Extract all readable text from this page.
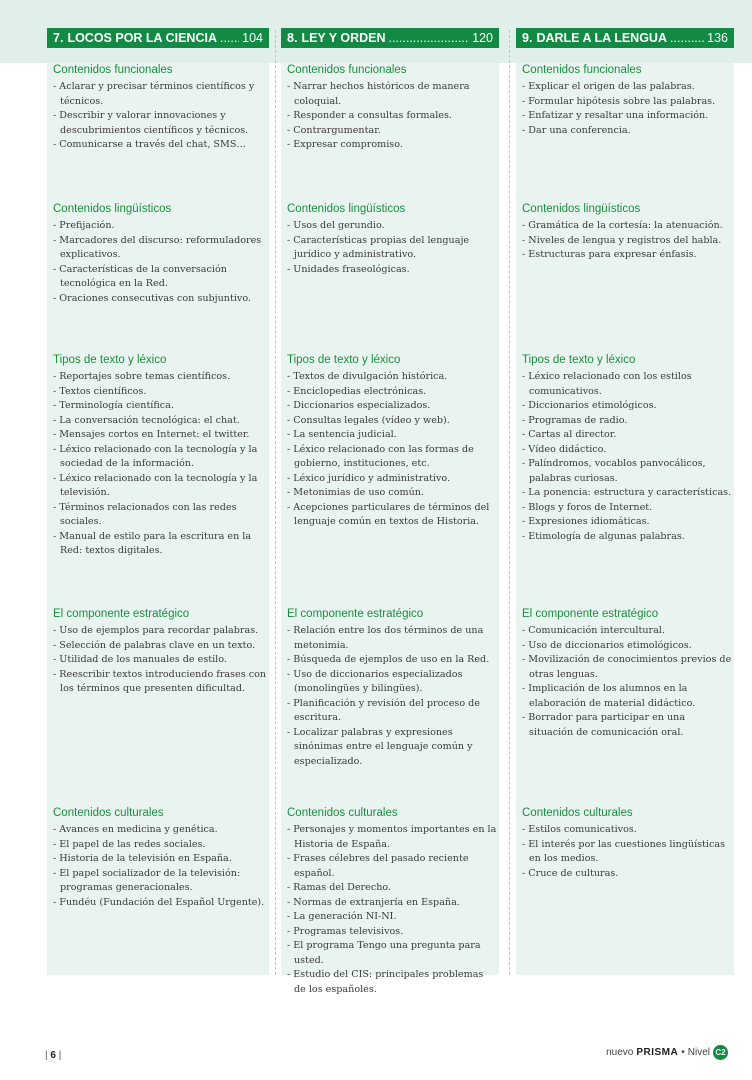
7. LOCOS POR LA CIENCIA ..... 104
Contenidos funcionales
- Aclarar y precisar términos científicos y técnicos.
- Describir y valorar innovaciones y descubrimientos científicos y técnicos.
- Comunicarse a través del chat, SMS…
Contenidos lingüísticos
- Prefijación.
- Marcadores del discurso: reformuladores explicativos.
- Características de la conversación tecnológica en la Red.
- Oraciones consecutivas con subjuntivo.
Tipos de texto y léxico
- Reportajes sobre temas científicos.
- Textos científicos.
- Terminología científica.
- La conversación tecnológica: el chat.
- Mensajes cortos en Internet: el twitter.
- Léxico relacionado con la tecnología y la sociedad de la información.
- Léxico relacionado con la tecnología y la televisión.
- Términos relacionados con las redes sociales.
- Manual de estilo para la escritura en la Red: textos digitales.
El componente estratégico
- Uso de ejemplos para recordar palabras.
- Selección de palabras clave en un texto.
- Utilidad de los manuales de estilo.
- Reescribir textos introduciendo frases con los términos que presenten dificultad.
Contenidos culturales
- Avances en medicina y genética.
- El papel de las redes sociales.
- Historia de la televisión en España.
- El papel socializador de la televisión: programas generacionales.
- Fundéu (Fundación del Español Urgente).
8. LEY Y ORDEN .....	120
Contenidos funcionales
- Narrar hechos históricos de manera coloquial.
- Responder a consultas formales.
- Contrargumentar.
- Expresar compromiso.
Contenidos lingüísticos
- Usos del gerundio.
- Características propias del lenguaje jurídico y administrativo.
- Unidades fraseológicas.
Tipos de texto y léxico
- Textos de divulgación histórica.
- Enciclopedias electrónicas.
- Diccionarios especializados.
- Consultas legales (vídeo y web).
- La sentencia judicial.
- Léxico relacionado con las formas de gobierno, instituciones, etc.
- Léxico jurídico y administrativo.
- Metonimias de uso común.
- Acepciones particulares de términos del lenguaje común en textos de Historia.
El componente estratégico
- Relación entre los dos términos de una metonimia.
- Búsqueda de ejemplos de uso en la Red.
- Uso de diccionarios especializados (monolingües y bilingües).
- Planificación y revisión del proceso de escritura.
- Localizar palabras y expresiones sinónimas entre el lenguaje común y especializado.
Contenidos culturales
- Personajes y momentos importantes en la Historia de España.
- Frases célebres del pasado reciente español.
- Ramas del Derecho.
- Normas de extranjería en España.
- La generación NI-NI.
- Programas televisivos.
- El programa Tengo una pregunta para usted.
- Estudio del CIS: principales problemas de los españoles.
9. DARLE A LA LENGUA .....	136
Contenidos funcionales
- Explicar el origen de las palabras.
- Formular hipótesis sobre las palabras.
- Enfatizar y resaltar una información.
- Dar una conferencia.
Contenidos lingüísticos
- Gramática de la cortesía: la atenuación.
- Niveles de lengua y registros del habla.
- Estructuras para expresar énfasis.
Tipos de texto y léxico
- Léxico relacionado con los estilos comunicativos.
- Diccionarios etimológicos.
- Programas de radio.
- Cartas al director.
- Vídeo didáctico.
- Palíndromos, vocablos panvocálicos, palabras curiosas.
- La ponencia: estructura y características.
- Blogs y foros de Internet.
- Expresiones idiomáticas.
- Etimología de algunas palabras.
El componente estratégico
- Comunicación intercultural.
- Uso de diccionarios etimológicos.
- Movilización de conocimientos previos de otras lenguas.
- Implicación de los alumnos en la elaboración de material didáctico.
- Borrador para participar en una situación de comunicación oral.
Contenidos culturales
- Estilos comunicativos.
- El interés por las cuestiones lingüísticas en los medios.
- Cruce de culturas.
| 6 |	nuevo PRISMA • Nivel C2
